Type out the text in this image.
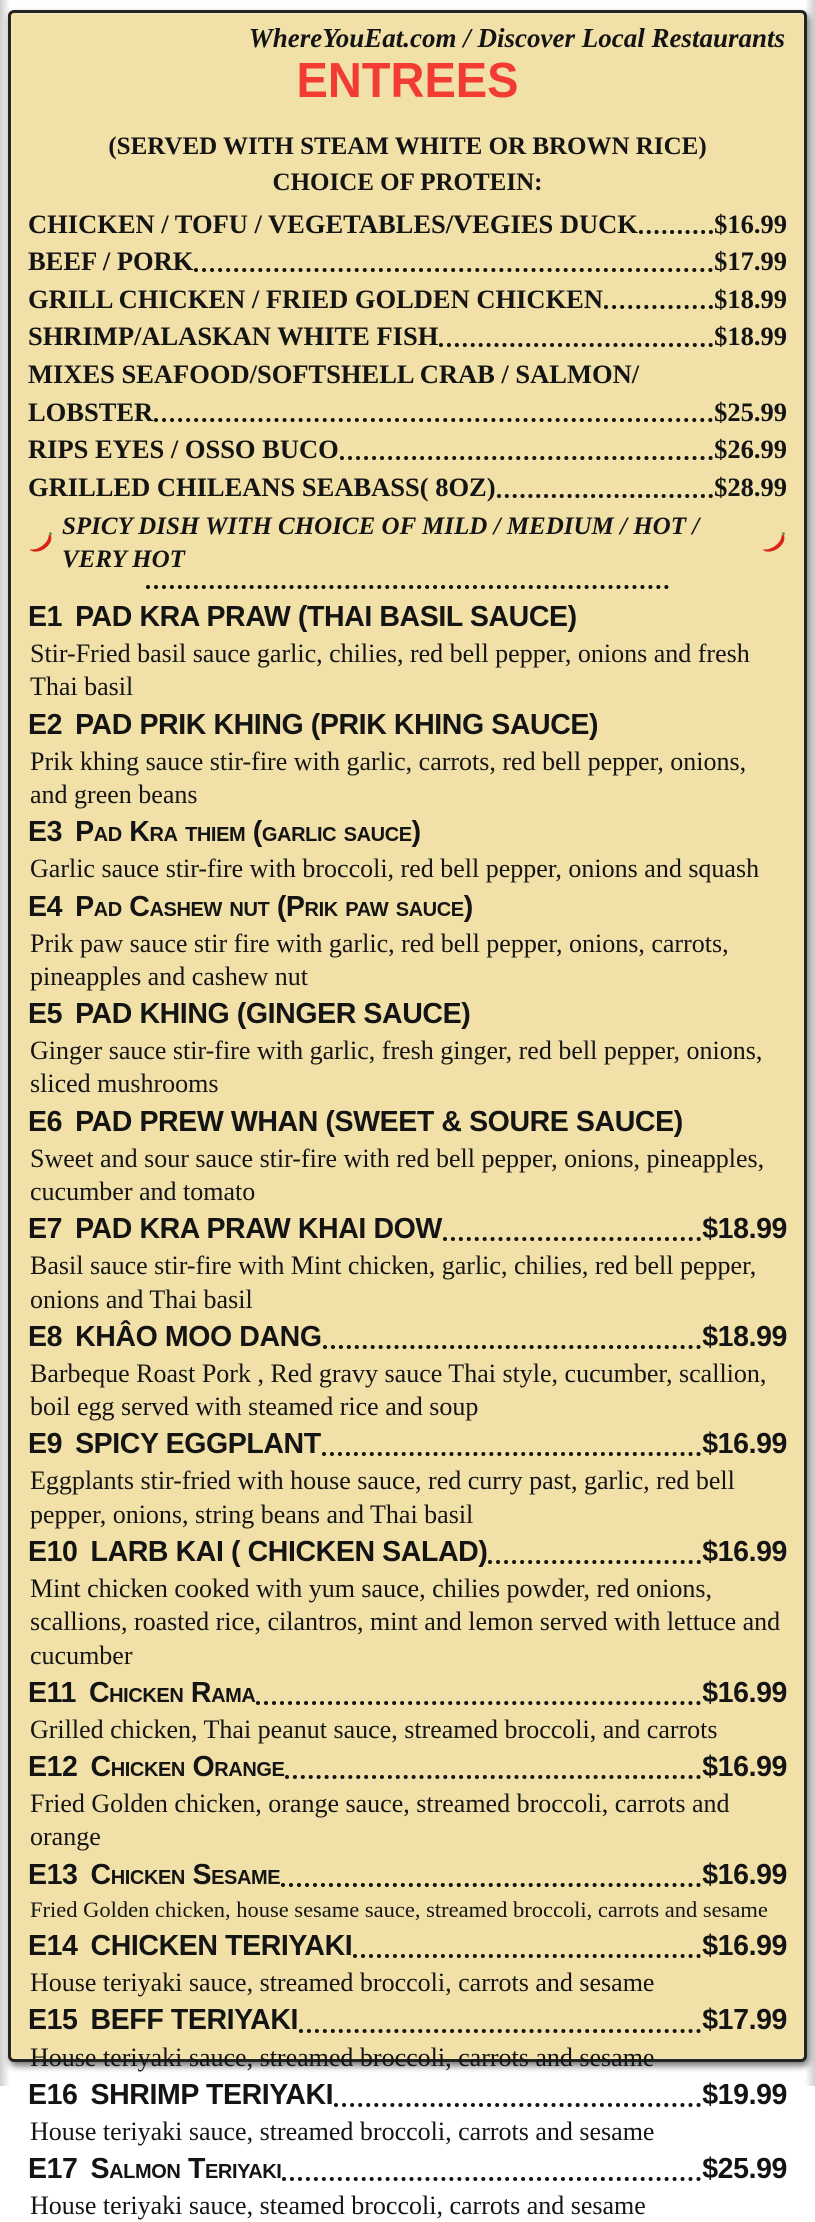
WhereYouEat.com / Discover Local Restaurants
ENTREES
(SERVED WITH STEAM WHITE OR BROWN RICE)
CHOICE OF PROTEIN:
CHICKEN / TOFU / VEGETABLES/VEGIES DUCK	$16.99
BEEF / PORK	$17.99
GRILL CHICKEN / FRIED GOLDEN CHICKEN	$18.99
SHRIMP/ALASKAN WHITE FISH	$18.99
MIXES SEAFOOD/SOFTSHELL CRAB / SALMON/
LOBSTER	$25.99
RIPS EYES / OSSO BUCO	$26.99
GRILLED CHILEANS SEABASS( 8OZ)	$28.99
SPICY DISH WITH CHOICE OF MILD / MEDIUM / HOT / VERY HOT
E1 PAD KRA PRAW (THAI BASIL SAUCE)
Stir-Fried basil sauce garlic, chilies, red bell pepper, onions and fresh Thai basil
E2 PAD PRIK KHING (PRIK KHING SAUCE)
Prik khing sauce stir-fire with garlic, carrots, red bell pepper, onions, and green beans
E3 Pad Kra thiem (garlic sauce)
Garlic sauce stir-fire with broccoli, red bell pepper, onions and squash
E4 Pad Cashew nut (Prik paw sauce)
Prik paw sauce stir fire with garlic, red bell pepper, onions, carrots, pineapples and cashew nut
E5 PAD KHING (GINGER SAUCE)
Ginger sauce stir-fire with garlic, fresh ginger, red bell pepper, onions, sliced mushrooms
E6 PAD PREW WHAN (SWEET & SOURE SAUCE)
Sweet and sour sauce stir-fire with red bell pepper, onions, pineapples, cucumber and tomato
E7 PAD KRA PRAW KHAI DOW	$18.99
Basil sauce stir-fire with Mint chicken, garlic, chilies, red bell pepper, onions and Thai basil
E8 KHÂO MOO DANG	$18.99
Barbeque Roast Pork , Red gravy sauce Thai style, cucumber, scallion, boil egg served with steamed rice and soup
E9 SPICY EGGPLANT	$16.99
Eggplants stir-fried with house sauce, red curry past, garlic, red bell pepper, onions, string beans and Thai basil
E10 LARB KAI ( CHICKEN SALAD)	$16.99
Mint chicken cooked with yum sauce, chilies powder, red onions, scallions, roasted rice, cilantros, mint and lemon served with lettuce and cucumber
E11 Chicken Rama	$16.99
Grilled chicken, Thai peanut sauce, streamed broccoli, and carrots
E12 Chicken Orange	$16.99
Fried Golden chicken, orange sauce, streamed broccoli, carrots and orange
E13 Chicken Sesame	$16.99
Fried Golden chicken, house sesame sauce, streamed broccoli, carrots and sesame
E14 CHICKEN TERIYAKI	$16.99
House teriyaki sauce, streamed broccoli, carrots and sesame
E15 BEFF TERIYAKI	$17.99
House teriyaki sauce, streamed broccoli, carrots and sesame
E16 SHRIMP TERIYAKI	$19.99
House teriyaki sauce, streamed broccoli, carrots and sesame
E17 Salmon Teriyaki	$25.99
House teriyaki sauce, steamed broccoli, carrots and sesame
